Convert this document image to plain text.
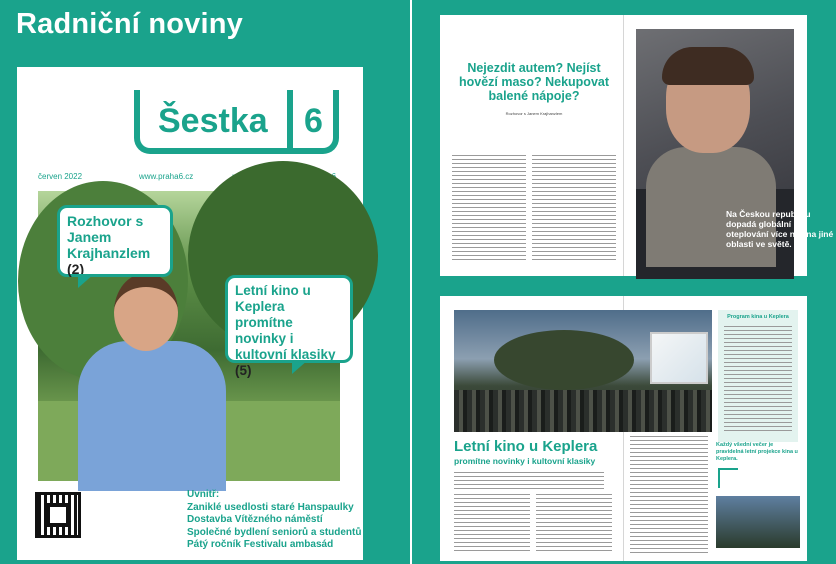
Radniční noviny
Šestka 6
červen 2022	www.praha6.cz
Rozhovor s Janem Krajhanzlem (2)
Letní kino u Keplera promítne novinky i kultovní klasiky (5)
Uvnitř:
Zaniklé usedlosti staré Hanspaulky
Dostavba Vítězného náměstí
Společné bydlení seniorů a studentů
Pátý ročník Festivalu ambasád
Nejezdit autem? Nejíst hovězí maso? Nekupovat balené nápoje?
Rozhovor s Janem Krajhanzlem
Na Českou republiku dopadá globální oteplování více než na jiné oblasti ve světě.
Program kina u Keplera
Letní kino u Keplera
promítne novinky i kultovní klasiky
Každý všední večer je pravidelná letní projekce kina u Keplera.
